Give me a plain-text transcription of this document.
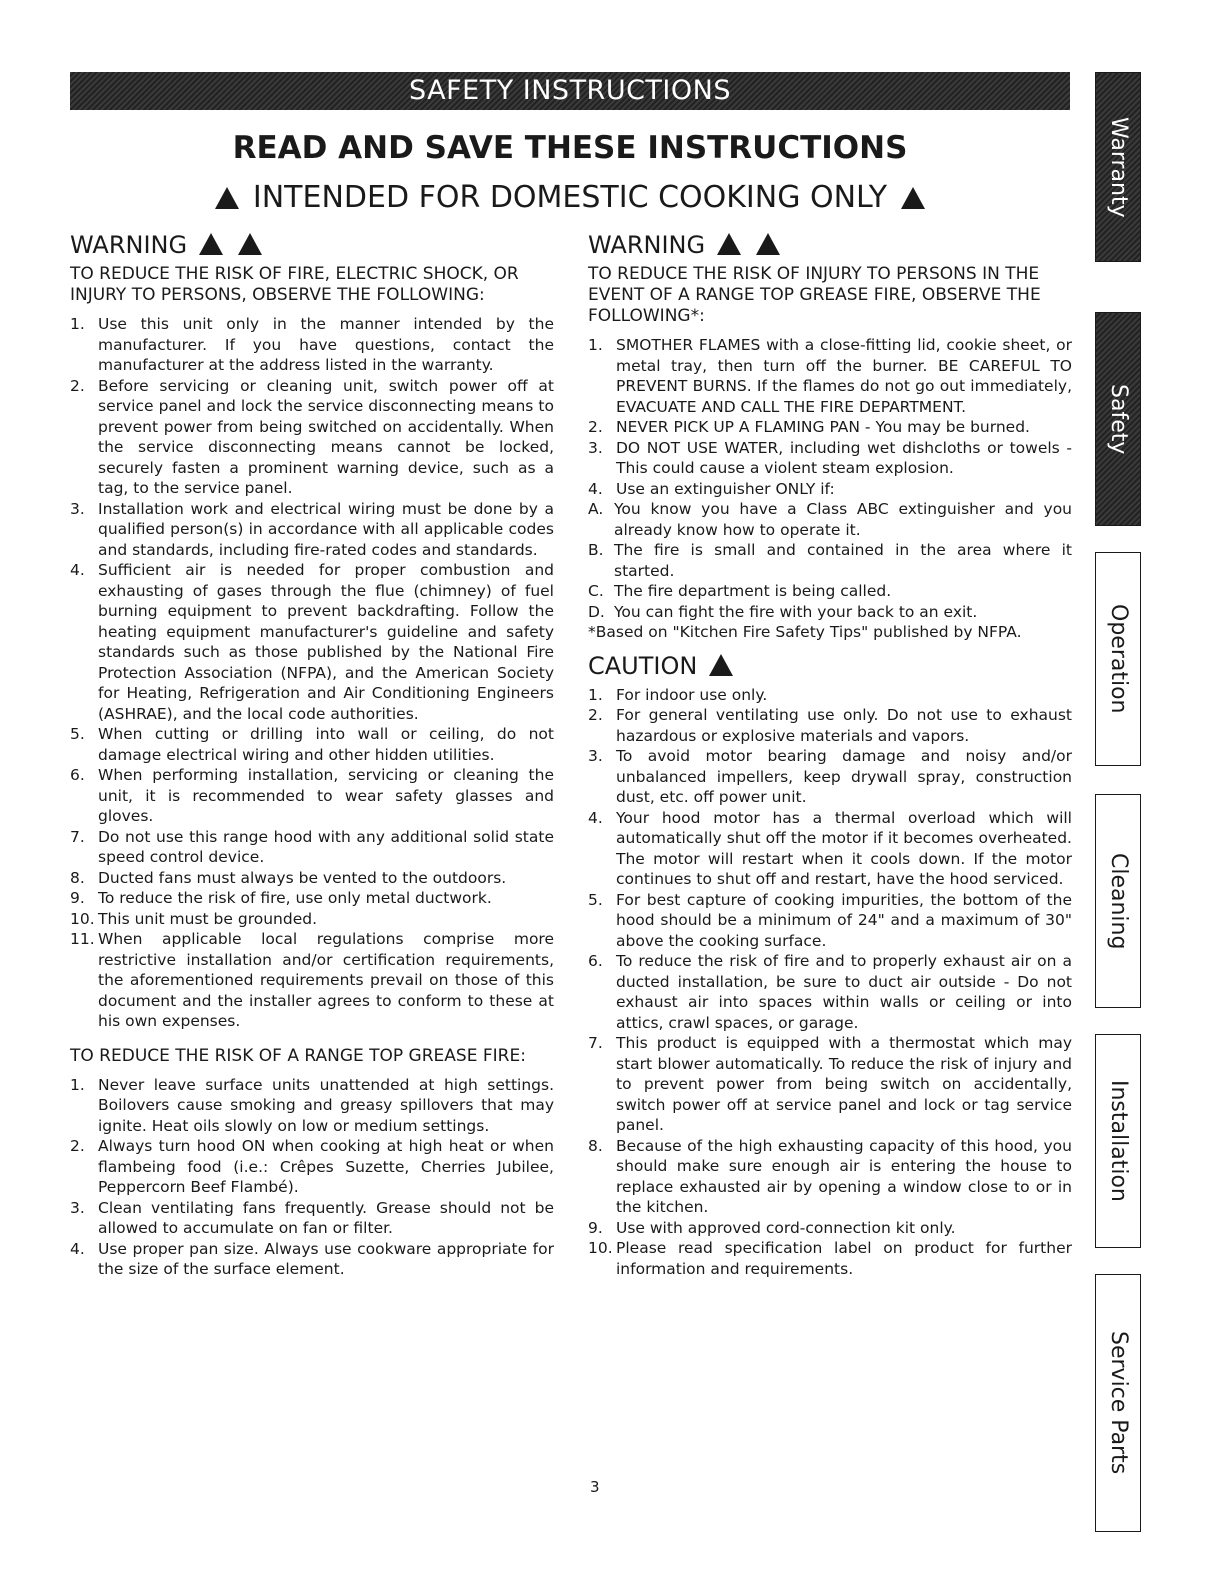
SAFETY INSTRUCTIONS
READ AND SAVE THESE INSTRUCTIONS
INTENDED FOR DOMESTIC COOKING ONLY
WARNING

TO REDUCE THE RISK OF FIRE, ELECTRIC SHOCK, OR INJURY TO PERSONS, OBSERVE THE FOLLOWING:

1. Use this unit only in the manner intended by the manufacturer. If you have questions, contact the manufacturer at the address listed in the warranty.
2. Before servicing or cleaning unit, switch power off at service panel and lock the service disconnecting means to prevent power from being switched on accidentally. When the service disconnecting means cannot be locked, securely fasten a prominent warning device, such as a tag, to the service panel.
3. Installation work and electrical wiring must be done by a qualified person(s) in accordance with all applicable codes and standards, including fire-rated codes and standards.
4. Sufficient air is needed for proper combustion and exhausting of gases through the flue (chimney) of fuel burning equipment to prevent backdrafting. Follow the heating equipment manufacturer's guideline and safety standards such as those published by the National Fire Protection Association (NFPA), and the American Society for Heating, Refrigeration and Air Conditioning Engineers (ASHRAE), and the local code authorities.
5. When cutting or drilling into wall or ceiling, do not damage electrical wiring and other hidden utilities.
6. When performing installation, servicing or cleaning the unit, it is recommended to wear safety glasses and gloves.
7. Do not use this range hood with any additional solid state speed control device.
8. Ducted fans must always be vented to the outdoors.
9. To reduce the risk of fire, use only metal ductwork.
10. This unit must be grounded.
11. When applicable local regulations comprise more restrictive installation and/or certification requirements, the aforementioned requirements prevail on those of this document and the installer agrees to conform to these at his own expenses.

TO REDUCE THE RISK OF A RANGE TOP GREASE FIRE:

1. Never leave surface units unattended at high settings. Boilovers cause smoking and greasy spillovers that may ignite. Heat oils slowly on low or medium settings.
2. Always turn hood ON when cooking at high heat or when flambeing food (i.e.: Crêpes Suzette, Cherries Jubilee, Peppercorn Beef Flambé).
3. Clean ventilating fans frequently. Grease should not be allowed to accumulate on fan or filter.
4. Use proper pan size. Always use cookware appropriate for the size of the surface element.
WARNING

TO REDUCE THE RISK OF INJURY TO PERSONS IN THE EVENT OF A RANGE TOP GREASE FIRE, OBSERVE THE FOLLOWING*:

1. SMOTHER FLAMES with a close-fitting lid, cookie sheet, or metal tray, then turn off the burner. BE CAREFUL TO PREVENT BURNS. If the flames do not go out immediately, EVACUATE AND CALL THE FIRE DEPARTMENT.
2. NEVER PICK UP A FLAMING PAN - You may be burned.
3. DO NOT USE WATER, including wet dishcloths or towels - This could cause a violent steam explosion.
4. Use an extinguisher ONLY if:
A. You know you have a Class ABC extinguisher and you already know how to operate it.
B. The fire is small and contained in the area where it started.
C. The fire department is being called.
D. You can fight the fire with your back to an exit.

*Based on "Kitchen Fire Safety Tips" published by NFPA.

CAUTION
1. For indoor use only.
2. For general ventilating use only. Do not use to exhaust hazardous or explosive materials and vapors.
3. To avoid motor bearing damage and noisy and/or unbalanced impellers, keep drywall spray, construction dust, etc. off power unit.
4. Your hood motor has a thermal overload which will automatically shut off the motor if it becomes overheated. The motor will restart when it cools down. If the motor continues to shut off and restart, have the hood serviced.
5. For best capture of cooking impurities, the bottom of the hood should be a minimum of 24" and a maximum of 30" above the cooking surface.
6. To reduce the risk of fire and to properly exhaust air on a ducted installation, be sure to duct air outside - Do not exhaust air into spaces within walls or ceiling or into attics, crawl spaces, or garage.
7. This product is equipped with a thermostat which may start blower automatically. To reduce the risk of injury and to prevent power from being switch on accidentally, switch power off at service panel and lock or tag service panel.
8. Because of the high exhausting capacity of this hood, you should make sure enough air is entering the house to replace exhausted air by opening a window close to or in the kitchen.
9. Use with approved cord-connection kit only.
10. Please read specification label on product for further information and requirements.
3
Warranty
Safety
Operation
Cleaning
Installation
Service Parts
